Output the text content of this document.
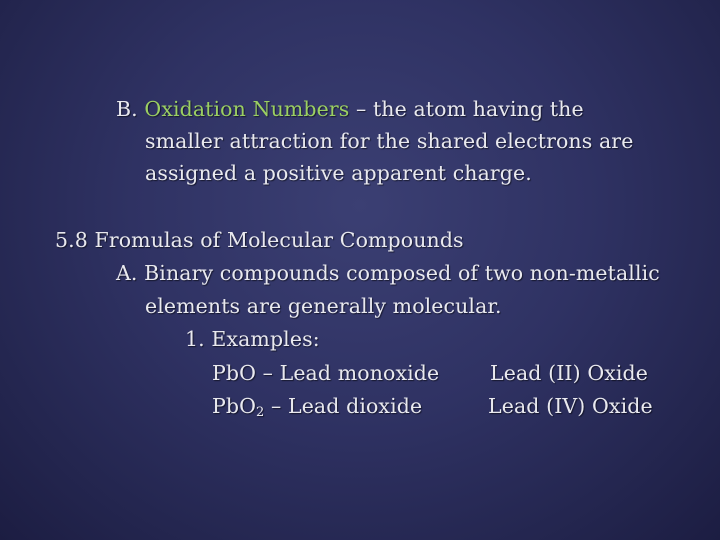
B. Oxidation Numbers – the atom having the
smaller attraction for the shared electrons are
assigned a positive apparent charge.
5.8 Fromulas of Molecular Compounds
A. Binary compounds composed of two non-metallic
elements are generally molecular.
1. Examples:
PbO – Lead monoxide Lead (II) Oxide
PbO$_2$ – Lead dioxide	Lead (IV) Oxide
